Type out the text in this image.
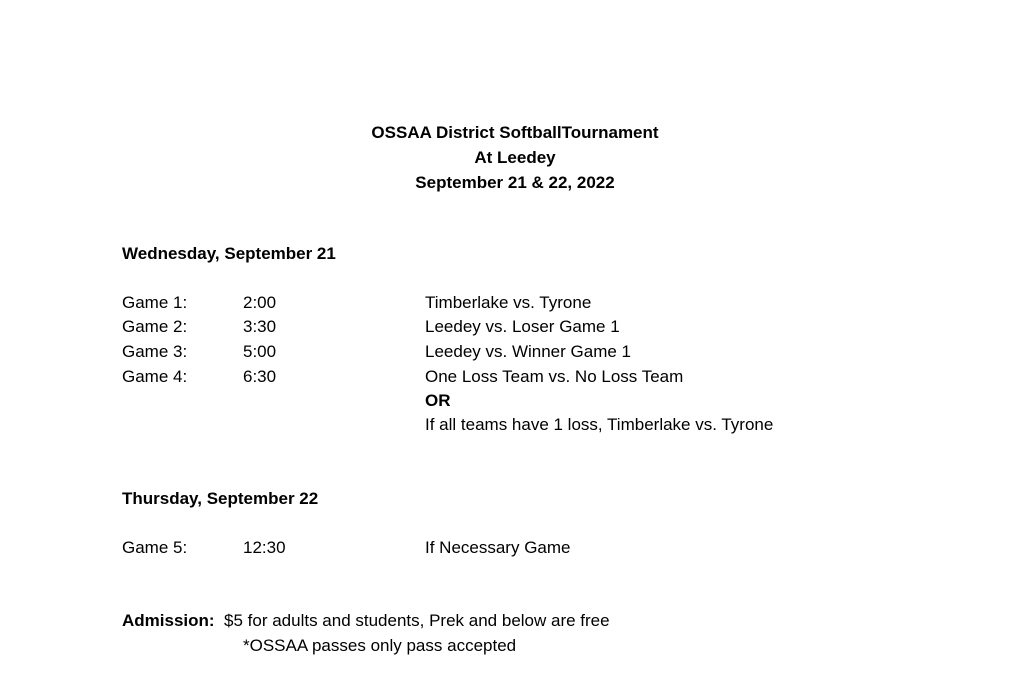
OSSAA District SoftballTournament
At Leedey
September 21 & 22, 2022
Wednesday, September 21
Game 1:	2:00	Timberlake vs. Tyrone
Game 2:	3:30	Leedey vs. Loser Game 1
Game 3:	5:00	Leedey vs. Winner Game 1
Game 4:	6:30	One Loss Team vs. No Loss Team
OR
If all teams have 1 loss, Timberlake vs. Tyrone
Thursday, September 22
Game 5:	12:30	If Necessary Game
Admission: $5 for adults and students, Prek and below are free
*OSSAA passes only pass accepted
